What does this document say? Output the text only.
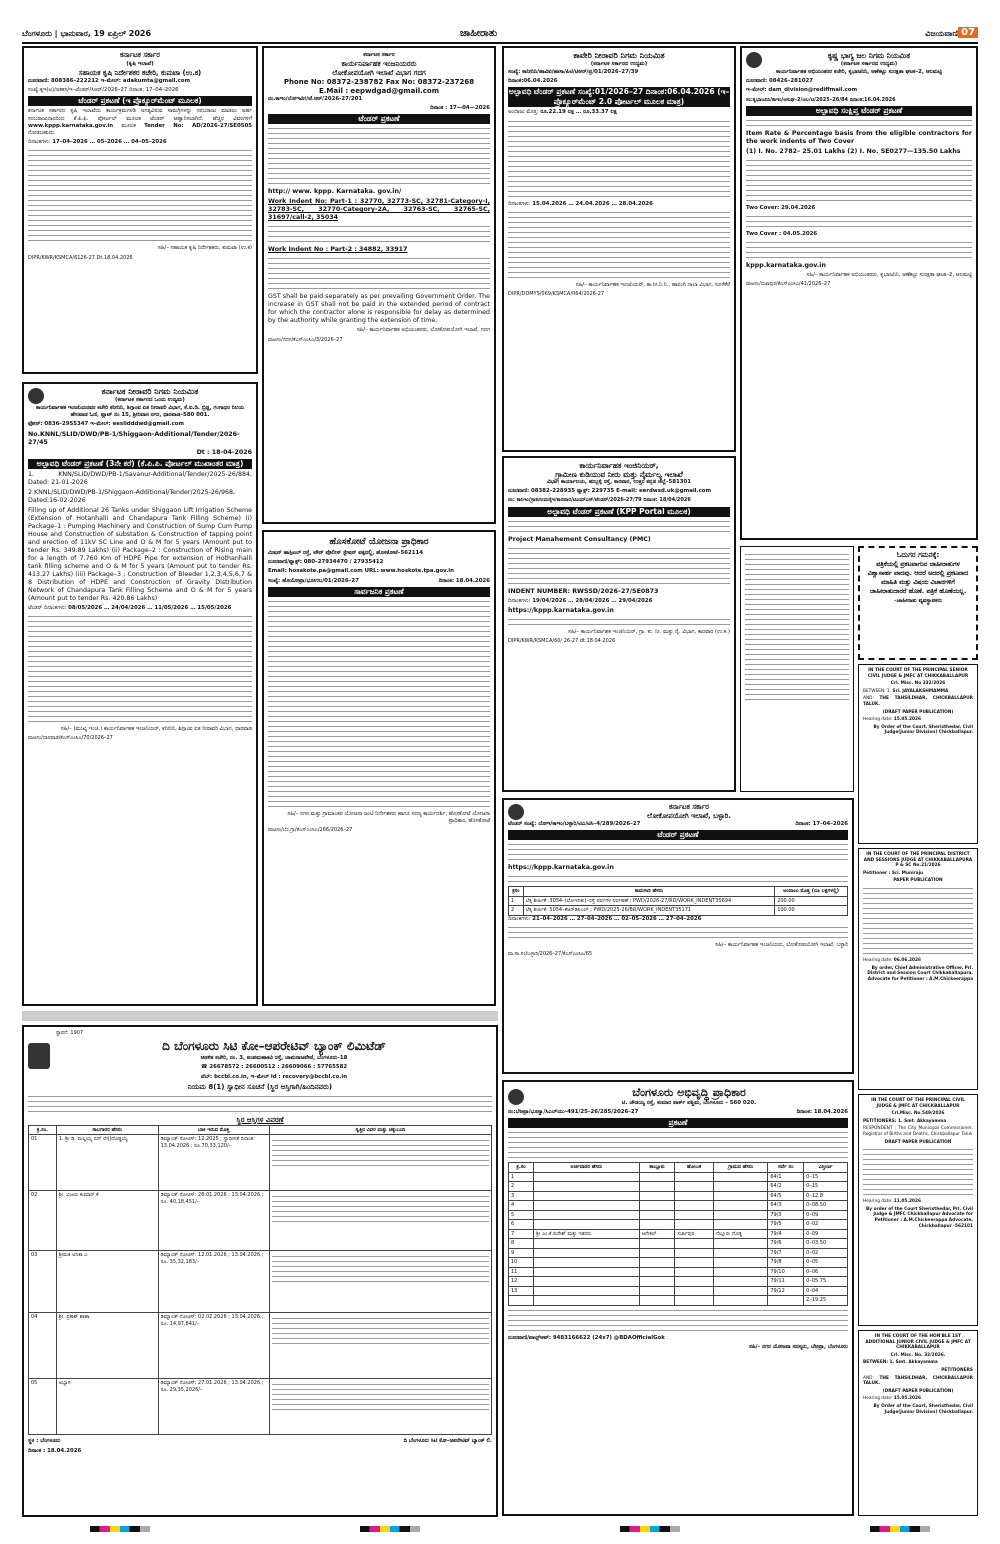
ಬೆಂಗಳೂರು | ಭಾನುವಾರ, 19 ಏಪ್ರಿಲ್ 2026	ಜಾಹೀರಾತು	ವಿಜಯವಾಣಿ 07
ಕರ್ನಾಟಕ ಸರ್ಕಾರ
(ಕೃಷಿ ಇಲಾಖೆ)
ಸಹಾಯಕ ಕೃಷಿ ನಿರ್ದೇಶಕರ ಕಚೇರಿ, ಕುಮಟಾ (ಉ.ಕ)

ದೂರವಾಣಿ: 808386–222212 ಇ–ಮೇಲ್: adakumta@gmail.com

ಸಂಖ್ಯೆ:ಕೃಇ(ಟ)/ಅಕಕಸ/ಇ–ಟೆಂಡರ್/ಸಿಆರ್/2026–27 ದಿನಾಂಕ: 17–04–2026

ಟೆಂಡರ್ ಪ್ರಕಟಣೆ (ಇ ಪ್ರೊಕ್ಯೂರ್‌ಮೆಂಟ್ ಮೂಲಕ)

ಕರ್ನಾಟಕ ಸರ್ಕಾರದ ಕೃಷಿ ಇಲಾಖೆಯ ಕಾರ್ಯಕ್ರಮಗಳಡಿ ಅಗತ್ಯವಿರುವ ಸಾಮಗ್ರಿಗಳನ್ನು ಸರಬರಾಜು ಮಾಡಲು ಅರ್ಹ ಸರಬರಾಜುದಾರರಿಂದ ಕೆ.ಪಿ.ಪಿ. ಪೋರ್ಟಲ್ ಮೂಲಕ ಟೆಂಡರ್ ಆಹ್ವಾನಿಸಲಾಗಿದೆ. ಹೆಚ್ಚಿನ ವಿವರಗಳಿಗೆ www.kppp.karnataka.gov.in ಮೂಲಕ Tender No: AD/2026-27/SE0505 ನೋಡಬಹುದು.

ದಿನಾಂಕಗಳು: 17–04–2026 … 05–2026 … 04–05–2026

ಸಹಿ/– ಸಹಾಯಕ ಕೃಷಿ ನಿರ್ದೇಶಕರು, ಕುಮಟಾ (ಉ.ಕ)

DIPR/KWR/KSMCA/6126-27 Dt.18.04.2026

ಕರ್ನಾಟಕ ನೀರಾವರಿ ನಿಗಮ ನಿಯಮಿತ
(ಕರ್ನಾಟಕ ಸರ್ಕಾರದ ಒಂದು ಉದ್ಯಮ)

ಕಾರ್ಯನಿರ್ವಾಹಕ ಇಂಜನಿಯರವರ ಕಚೇರಿ ಕನೀನಿನಿ, ಶಿಗ್ಗಾಂವ ಏತ ನೀರಾವರಿ ವಿಭಾಗ, ಕೆ.ಐ.ಡಿ. ಬ್ರಿಡ್ಜ, ಗಂಗಾಧರ ನಿಲಯ ಹೇರವಾಡ ಓಣಿ, ಪ್ಲಾಟ್ ನಂ 15, ಶ್ರೀನಿವಾಸ ನಗರ, ಧಾರವಾಡ–580 001.

ಫೋನ್: 0836–2955347 ಇ–ಮೇಲ್: eeslidddwd@gmail.com

No.KNNL/SLID/DWD/PB-1/Shiggaon-Additional/Tender/2026-27/45

Dt : 18-04-2026

ಅಲ್ಪಾವಧಿ ಟೆಂಡರ್ ಪ್ರಕಟಣೆ (3ನೇ ಕರೆ) (ಕೆ.ಪಿ.ಪಿ. ಪೋರ್ಟಲ್ ಮುಖಾಂತರ ಮಾತ್ರ)

1. KNN/SLID/DWD/PB-1/Savanur-Additional/Tender/2025-26/884, Dated: 21-01-2026

2.KNNL/SLID/DWD/PB-1/Shiggaon-Additional/Tender/2025-26/968, Dated:16-02-2026

Filling up of Additional 26 Tanks under Shiggaon Lift Irrigation Scheme (Extension of Hotanhalli and Chandapura Tank Filling Scheme) (i) Package–1 : Pumping Machinery and Construction of Sump Cum Pump House and Construction of substation & Construction of tapping point and erection of 11kV SC Line and O & M for 5 years (Amount put to tender Rs. 349.89 Lakhs) (ii) Package–2 : Construction of Rising main for a length of 7.760 Km of HDPE Pipe for extension of Hothanhalli tank filling scheme and O & M for 5 years (Amount put to tender Rs. 413.27 Lakhs) (iii) Package–3 : Construction of Bleeder 1,2,3,4,5,6,7 & 8 Distribution of HDPE and Construction of Gravity Distribution Network of Chandapura Tank Filling Scheme and O & M for 5 years (Amount put to tender Rs. 420.86 Lakhs)

ಟೆಂಡರ್ ದಿನಾಂಕಗಳು: 08/05/2026 … 24/04/2026 … 11/05/2026 … 15/05/2026

ಸಹಿ/– (ಮುಖ್ಯ ಇಂಜಿ.) ಕಾರ್ಯನಿರ್ವಾಹಕ ಇಂಜನಿಯರ್, ಕನೀನಿನಿ, ಶಿಗ್ಗಾಂವ ಏತ ನೀರಾವರಿ ವಿಭಾಗ, ಧಾರವಾಡ

ವಾಅಸಂ/ಧಾರವಾಡ/ಕೆಎಸ್‌ಎಂಸಿಎ/70/2026–27

ಕರ್ನಾಟಕ ಸರ್ಕಾರ
ಕಾರ್ಯನಿರ್ವಾಹಕ ಇಂಜನಿಯರರು
ಲೋಕೋಪಯೋಗಿ ಇಲಾಖೆ ವಿಭಾಗ ಗದಗ
Phone No: 08372-238782 Fax No: 08372-237268
E.Mail : eepwdgad@gmail.com

ನಂ.ಕಾಇಂ/ಲೋಇವಿಗ/ಟೆ.ಆರ್/2026-27/201

ದಿನಾಂಕ : 17—04—2026

ಟೆಂಡರ್ ಪ್ರಕಟಣೆ

http:// www. kppp. Karnataka. gov.in/

Work Indent No: Part-1 : 32770, 32773-SC, 32781-Category-I, 32783-SC, 32770-Category-2A, 32763-SC, 32765-SC, 31697/call-2, 35034

Work Indent No : Part-2 : 34882, 33917

GST shall be paid separately as per prevailing Government Order. The increase in GST shall not be paid in the extended period of contract for which the contractor alone is responsible for delay as determined by the authority while granting the extension of time.

ಸಹಿ/– ಕಾರ್ಯನಿರ್ವಾಹಕ ಅಭಿಯಂತರರು, ಲೋಕೋಪಯೋಗಿ ಇಲಾಖೆ, ಗದಗ

ವಾಅಸಂ/ಗದಗ/ಕೆಎಸ್‌ಎಂಸಿಎ/3/2026–27

ಹೊಸಕೋಟೆ ಯೋಜನಾ ಪ್ರಾಧಿಕಾರ

ಮಿಷನ್ ಹಾಸ್ಪಿಟಲ್ ರಸ್ತೆ, ಟೌನ್ ಪೊಲೀಸ್ ಸ್ಟೇಷನ್ ಪಕ್ಕದಲ್ಲಿ, ಹೊಸಕೋಟೆ–562114

ದೂರವಾಣಿ/ಫ್ಯಾಕ್ಸ್: 080–27934470 / 27935412

Email: hosakote.pa@gmail.com URL: www.hoskote.tpa.gov.in

ಸಂಖ್ಯೆ: ಹೊಯೋಪ್ರಾ/ಭೂಉಬ/01/2026–27	ದಿನಾಂಕ: 18.04.2026

ಸಾರ್ವಜನಿಕ ಪ್ರಕಟಣೆ

ಸಹಿ/– ನಗರ ಮತ್ತು ಗ್ರಾಮಾಂತರ ಯೋಜನಾ ಜಂಟಿ ನಿರ್ದೇಶಕರು ಹಾಗೂ ಸದಸ್ಯ ಕಾರ್ಯದರ್ಶಿ, ಹೊಸಕೋಟೆ ಯೋಜನಾ ಪ್ರಾಧಿಕಾರ, ಹೊಸಕೋಟೆ

ವಾಅಸಂ/ಬೆಂ.ಗ್ರಾ/ಕೆಎಸ್‌ಎಂಸಿಎ/266/2026–27

ಕಾವೇರಿ ನೀರಾವರಿ ನಿಗಮ ನಿಯಮಿತ
(ಕರ್ನಾಟಕ ಸರ್ಕಾರದ ಉದ್ಯಮ)

ಸಂಖ್ಯೆ: ಕಾನೀನಿನಿ/ಹಾವಿಪ/ಹಾಸಾ/ಪಿಟಿ/ಟಿಆರ್/ಪ್ರ/01/2026–27/39

ದಿನಾಂಕ:06.04.2026

ಅಲ್ಪಾವಧಿ ಟೆಂಡರ್ ಪ್ರಕಟಣೆ ಸಂಖ್ಯೆ:01/2026–27 ದಿನಾಂಕ:06.04.2026 (ಇ–ಪ್ರೊಕ್ಯೂರ್‌ಮೆಂಟ್ 2.0 ಪೋರ್ಟಲ್ ಮೂಲಕ ಮಾತ್ರ)

ಅಂದಾಜು ಮೊತ್ತ: ರೂ.22.19 ಲಕ್ಷ … ರೂ.33.37 ಲಕ್ಷ

ದಿನಾಂಕಗಳು: 15.04.2026 … 24.04.2026 … 28.04.2026

ಸಹಿ/– ಕಾರ್ಯನಿರ್ವಾಹಕ ಇಂಜನಿಯರ್, ಕಾ.ನೀ.ನಿ.ನಿ., ಹಾರಂಗಿ ನಾಲಾ ವಿಭಾಗ, ಸೂಳೆಕೆರೆ

DIPR/DDMYS/069/KSMCA/064/2026-27

ಕಾರ್ಯನಿರ್ವಾಹಕ ಇಂಜಿನಿಯರ್,
ಗ್ರಾಮೀಣ ಕುಡಿಯುವ ನೀರು ಮತ್ತು ನೈರ್ಮಲ್ಯ ಇಲಾಖೆ

ವಿಭಾಗ ಕಾರ್ಯಾಲಯ, ಹುಬ್ಬಳ್ಳಿ ರಸ್ತೆ, ಕಾರವಾರ, ಉತ್ತರ ಕನ್ನಡ ಜಿಲ್ಲೆ–581301

ದೂರವಾಣಿ: 08382–228935 ಫ್ಯಾಕ್ಸ್: 229735 E-mail: eerdwsd.uk@gmail.com

ಸಂ: ಕಾನಿಇಂ/ಗ್ರಾಕುನೀಮನೈಇ/ಕಾರವಾರ/ಟಿಎಮ್‌ಎಸ್/ಟೆಂಡರ್/2026-27/79 ದಿನಾಂಕ: 18/04/2026

ಅಲ್ಪಾವಧಿ ಟೆಂಡರ್ ಪ್ರಕಟಣೆ (KPP Portal ಮೂಲಕ)

Project Manahement Consultancy (PMC)

INDENT NUMBER: RWSSD/2026–27/SE0873

ದಿನಾಂಕಗಳು: 19/04/2026 … 28/04/2026 … 29/04/2026

https://kppp.karnataka.gov.in

ಸಹಿ/– ಕಾರ್ಯನಿರ್ವಾಹಕ ಇಂಜಿನಿಯರ್, ಗ್ರಾ. ಕು. ನೀ. ಮತ್ತು ನೈ. ವಿಭಾಗ, ಕಾರವಾರ (ಉ.ಕ.)

DIPR/KWR/KSMCA/60/ 26-27 dt.18.04.2026

ಕೃಷ್ಣ ಭಾಗ್ಯ ಜಲ ನಿಗಮ ನಿಯಮಿತ
(ಕರ್ನಾಟಕ ಸರ್ಕಾರದ ಉದ್ಯಮ)

ಕಾರ್ಯನಿರ್ವಾಹಕ ಅಭಿಯಂತರರ ಕಚೇರಿ, ಕೃಭಾಜನಿನಿ, ಆಣೆಕಟ್ಟು ಸುರಕ್ಷತಾ ಘಟಕ–2, ಆಲಮಟ್ಟಿ

ದೂರವಾಣಿ: 08426–281027

ಇ–ಮೇಲ್: dam_division@rediffmail.com

ಸಂ:ಕೃಭಾಜನಿನಿ/ಕಾಇಂ/ಆಸುಘ–2/ಆಲ/ಟಿ/2025–26/84 ದಿನಾಂಕ:16.04.2026

ಅಲ್ಪಾವಧಿ ಸಂಕ್ಷಿಪ್ತ ಟೆಂಡರ್ ಪ್ರಕಟಣೆ

Item Rate & Percentage basis from the eligible contractors for the work indents of Two Cover

(1) I. No. 2782– 25.01 Lakhs (2) I. No. SE0277—135.50 Lakhs

Two Cover: 29.04.2026

Two Cover : 04.05.2026

kppp.karnataka.gov.in

ಸಹಿ/– ಕಾರ್ಯನಿರ್ವಾಹಕ ಅಭಿಯಂತರರು, ಕೃಭಾಜನಿನಿ, ಆಣೆಕಟ್ಟು ಸುರಕ್ಷತಾ ಘಟಕ–2, ಆಲಮಟ್ಟಿ

ವಾಅಸಂ/ಬಿಜಾಪುರ/ಕೆಎಸ್‌ಎಂಸಿಎ/41/2026–27

ಓದುಗರ ಗಮನಕ್ಕೆ:

ಪತ್ರಿಕೆಯಲ್ಲಿ ಪ್ರಕಟವಾಗುವ ಜಾಹೀರಾತುಗಳ ವಿಶ್ವಾಸಾರ್ಹ ವಾದವು. ಆದರೆ ಅದರಲ್ಲಿ ಪ್ರಕಟವಾದ ಮಾಹಿತಿ ಮತ್ತು ವಿಷಯ ವಿಚಾರಗಳಿಗೆ ಜಾಹೀರಾತುದಾರರೆ ಹೊಣೆ. ಪತ್ರಿಕೆ ಹೊಣೆಯಲ್ಲ.

–ಜಾಹೀರಾತು ವ್ಯವಸ್ಥಾಪಕರು

IN THE COURT OF THE PRINCIPAL SENIOR CIVIL JUDGE & JMFC AT CHIKKABALLAPUR

Crl. Misc. No 332/2026

BETWEEN: 1. Sri. JAYALAKSHMAMMA

AND: THE TAHSILDHAR, CHICKBALLAPUR TALUK.

(DRAFT PAPER PUBLICATION)

Hearing date: 15.05.2026

By Order of the Court, Sheristhedar, Civil Judge(Junior Division) Chickballapur.

IN THE COURT OF THE PRINCIPAL DISTRICT AND SESSIONS JUDGE AT CHIKKABALLAPURA P & SC No.21/2026

Petitioner : Sri. Muniraju

PAPER PUBLICATION

Hearing date: 06.06.2026

By order, Chief Administrative Officer, Prl. District and Session Court Chikkaballapura. Advocate for Petitioner : A.M.Chickeerappa

IN THE COURT OF THE PRINCIPAL CIVIL JUDGE & JMFC AT CHICKBALLAPUR

Crl.Misc. No.549/2026

PETITIONERS: 1. Smt. Akkayamma

RESPONDENT : The City Municipal Commissioner, Registrar of Births and Deaths, Chickballapur Taluk

DRAFT PAPER PUBLICATION

Hearing date: 11.05.2026

By order of the Court Sheristhedar, Prl. Civil Judge & JMFC Chickballapur Advocate for Petitioner : A.M.Chickeerappa Advocate, Chickballapur -562101

IN THE COURT OF THE HON'BLE 1ST ADDITIONAL JUNIOR CIVIL JUDGE & JMFC AT CHIKKABALLAPUR

Crl. Misc. No. 32/2026.

BETWEEN: 1. Smt. Akkayamma

PETITIONERS

AND: THE TAHSILDHAR, CHICKBALLAPUR TALUK.

(DRAFT PAPER PUBLICATION)

Hearing date: 15.05.2026

By Order of the Court, Sheristhedar, Civil Judge(Junior Division) Chickballapur.

ಕರ್ನಾಟಕ ಸರ್ಕಾರ
ಲೋಕೋಪಯೋಗಿ ಇಲಾಖೆ, ಬಳ್ಳಾರಿ.

ಟೆಂಡರ್ ಸಂಖ್ಯೆ: ಲೋಇ/ಕಾಇಂ/ಬಳ್ಳಾರಿ/ಟಿಎ/ಟಿಸಿ–4/289/2026–27	ದಿನಾಂಕ: 17–04–2026

ಟೆಂಡರ್ ಪ್ರಕಟಣೆ

https://kppp.karnataka.gov.in

ಕ್ರಸಂ	ಕಾಮಗಾರಿ ಹೆಸರು	ಅಂದಾಜು ಮೊತ್ತ (ರೂ ಲಕ್ಷಗಳಲ್ಲಿ)
1	ಲೆಕ್ಕ ಶೀರ್ಷಿಕೆ: 3054–(ಲೋಇನಿಕು)–ರಸ್ತೆ ಪರ್ವಗಳ ನಿರ್ವಹಣೆ ; PWD/2026-27/RD/WORK_INDENT35694	200.00
2	ಲೆಕ್ಕ ಶೀರ್ಷಿಕೆ: 5054–ಕೆಆರ್‌ಡಿಸಿಎಲ್ ; PWD/2025-26/BR/WORK_INDENT35171	100.00

ದಿನಾಂಕಗಳು: 21–04–2026 … 27–04–2026 … 02–05–2026 … 27–04–2026

ಸಹಿ/– ಕಾರ್ಯನಿರ್ವಾಹಕ ಇಂಜನಿಯರು, ಲೋಕೋಪಯೋಗಿ ಇಲಾಖೆ, ಬಳ್ಳಾರಿ

ವಾ.ಸಾ.ಸಂ/ಬಳ್ಳಾರಿ/2026–27/ಕೆಎಸ್‌ಎಂಸಿಎ/65

ಸ್ಥಾಪನೆ: 1907
ದಿ ಬೆಂಗಳೂರು ಸಿಟಿ ಕೋ–ಆಪರೇಟಿವ್ ಬ್ಯಾಂಕ್ ಲಿಮಿಟೆಡ್

ಆಡಳಿತ ಕಚೇರಿ, ನಂ. 3, ಪಂಪಮಹಾಕವಿ ರಸ್ತೆ, ಚಾಮರಾಜಪೇಟೆ, ಬೆಂಗಳೂರು–18

☎ 26678572 : 26600512 : 26609066 : 57765582

ವೆಬ್: bccbl.co.in, ಇ–ಮೇಲ್ id : recovery@bccbl.co.in

ನಿಯಮ 8(1) ಸ್ವಾಧೀನ ಸೂಚನೆ (ಸ್ಥಿರ ಆಸ್ತಿಗಾಗಿ/ಹಿಂದಿನವರು)
ಸ್ಥಿರ ಆಸ್ತಿಗಳ ವಿವರಣೆ
ಕ್ರ.ಸಂ.	ಸಾಲಗಾರರ ಹೆಸರು	ಬಾಕಿ ಇರುವ ಮೊತ್ತ	ಸ್ವತ್ತಿನ ವಿವರ ಮತ್ತು ಚಕ್ಕುಬಂದಿ
01	1. ಶ್ರೀ ಡಿ. ಮಲ್ಲಯ್ಯ ಬಿನ್ ಲೇ||ದೊಡ್ಡಯ್ಯ	ಡಿಮ್ಯಾಂಡ್ ನೋಟಿಸ್: 12.2025 ; ಸ್ವಾಧೀನತೆ ದಿನಾಂಕ: 13.04.2026 ; ರೂ.70,33,120/–	

02	ಶ್ರೀ. ವಿಜಯ ಕುಮಾರ್ ಕೆ	ಡಿಮ್ಯಾಂಡ್ ನೋಟಿಸ್: 28.01.2026 ; 13.04.2026 ; ರೂ. 40,18,451/–	

03	ಶ್ರೀಮತಿ ಅನಿತಾ ಎ	ಡಿಮ್ಯಾಂಡ್ ನೋಟಿಸ್: 12.01.2026 ; 13.04.2026 ; ರೂ. 35,32,183/–	

04	ಶ್ರೀ. ಪ್ರಕಾಶ್ ಶಾಹಾ	ಡಿಮ್ಯಾಂಡ್ ನೋಟಿಸ್: 02.02.2026 ; 13.04.2026 ; ರೂ. 14,97,841/–	

05	ಅಭ್ಯಾಸ	ಡಿಮ್ಯಾಂಡ್ ನೋಟಿಸ್: 27.01.2026 ; 13.04.2026 ; ರೂ. 29,35,2026/–	

ಸ್ಥಳ : ಬೆಂಗಳೂರು	ದಿ ಬೆಂಗಳೂರು ಸಿಟಿ ಕೋ–ಆಪರೇಟಿವ್ ಬ್ಯಾಂಕ್ ಲಿ.

ದಿನಾಂಕ : 18.04.2026

ಬೆಂಗಳೂರು ಅಭಿವೃದ್ಧಿ ಪ್ರಾಧಿಕಾರ

ಟಿ. ಚೌಡಯ್ಯ ರಸ್ತೆ, ಕುಮಾರ ಪಾರ್ಕ್ ಪಶ್ಚಿಮ, ಬೆಂಗಳೂರು – 560 020.

ನಂ:ಬೆಅಪ್ರಾ/ಭೂಸ್ವಾ/ಸಿಎಲ್‌ಯು–491/25–26/285/2026–27	ದಿನಾಂಕ: 18.04.2026

ಪ್ರಕಟಣೆ
ಕ್ರ.ಸಂ	ಅರ್ಜಿದಾರರ ಹೆಸರು	ತಾಲ್ಲೂಕು	ಹೋಬಳಿ	ಗ್ರಾಮದ ಹೆಸರು	ಸರ್ವೆ ನಂ	ವಿಸ್ತೀರ್ಣ
1					64/1	0–15
2					64/2	0–15
3					64/5	0–12.8
4					64/3	0–08.50
5					79/3	0–09
6					79/5	0–02
7	ಶ್ರೀ ಎಂ.ಕೆ.ಸುರೇಶ್ ಮತ್ತು ಇತರರು	ಆನೇಕಲ್	ಸರ್ಜಾಪುರ	ನೆಲ್ಲೂರು ದೊಡ್ಡಿ	79/4	0–09
8					79/6	0–03.50
9					79/7	0–02
10					79/8	0–05
11					79/10	0–06
12					79/11	0–05.75
13					79/12	0–04
						2–19.25

ದೂರವಾಣಿ/ವಾಟ್ಸ್‌ಆಪ್: 9483166622 (24x7) @BDAOfficialGok

ಸಹಿ/– ನಗರ ಯೋಜನಾ ಸದಸ್ಯರು, ಬೆಅಪ್ರಾ, ಬೆಂಗಳೂರು
